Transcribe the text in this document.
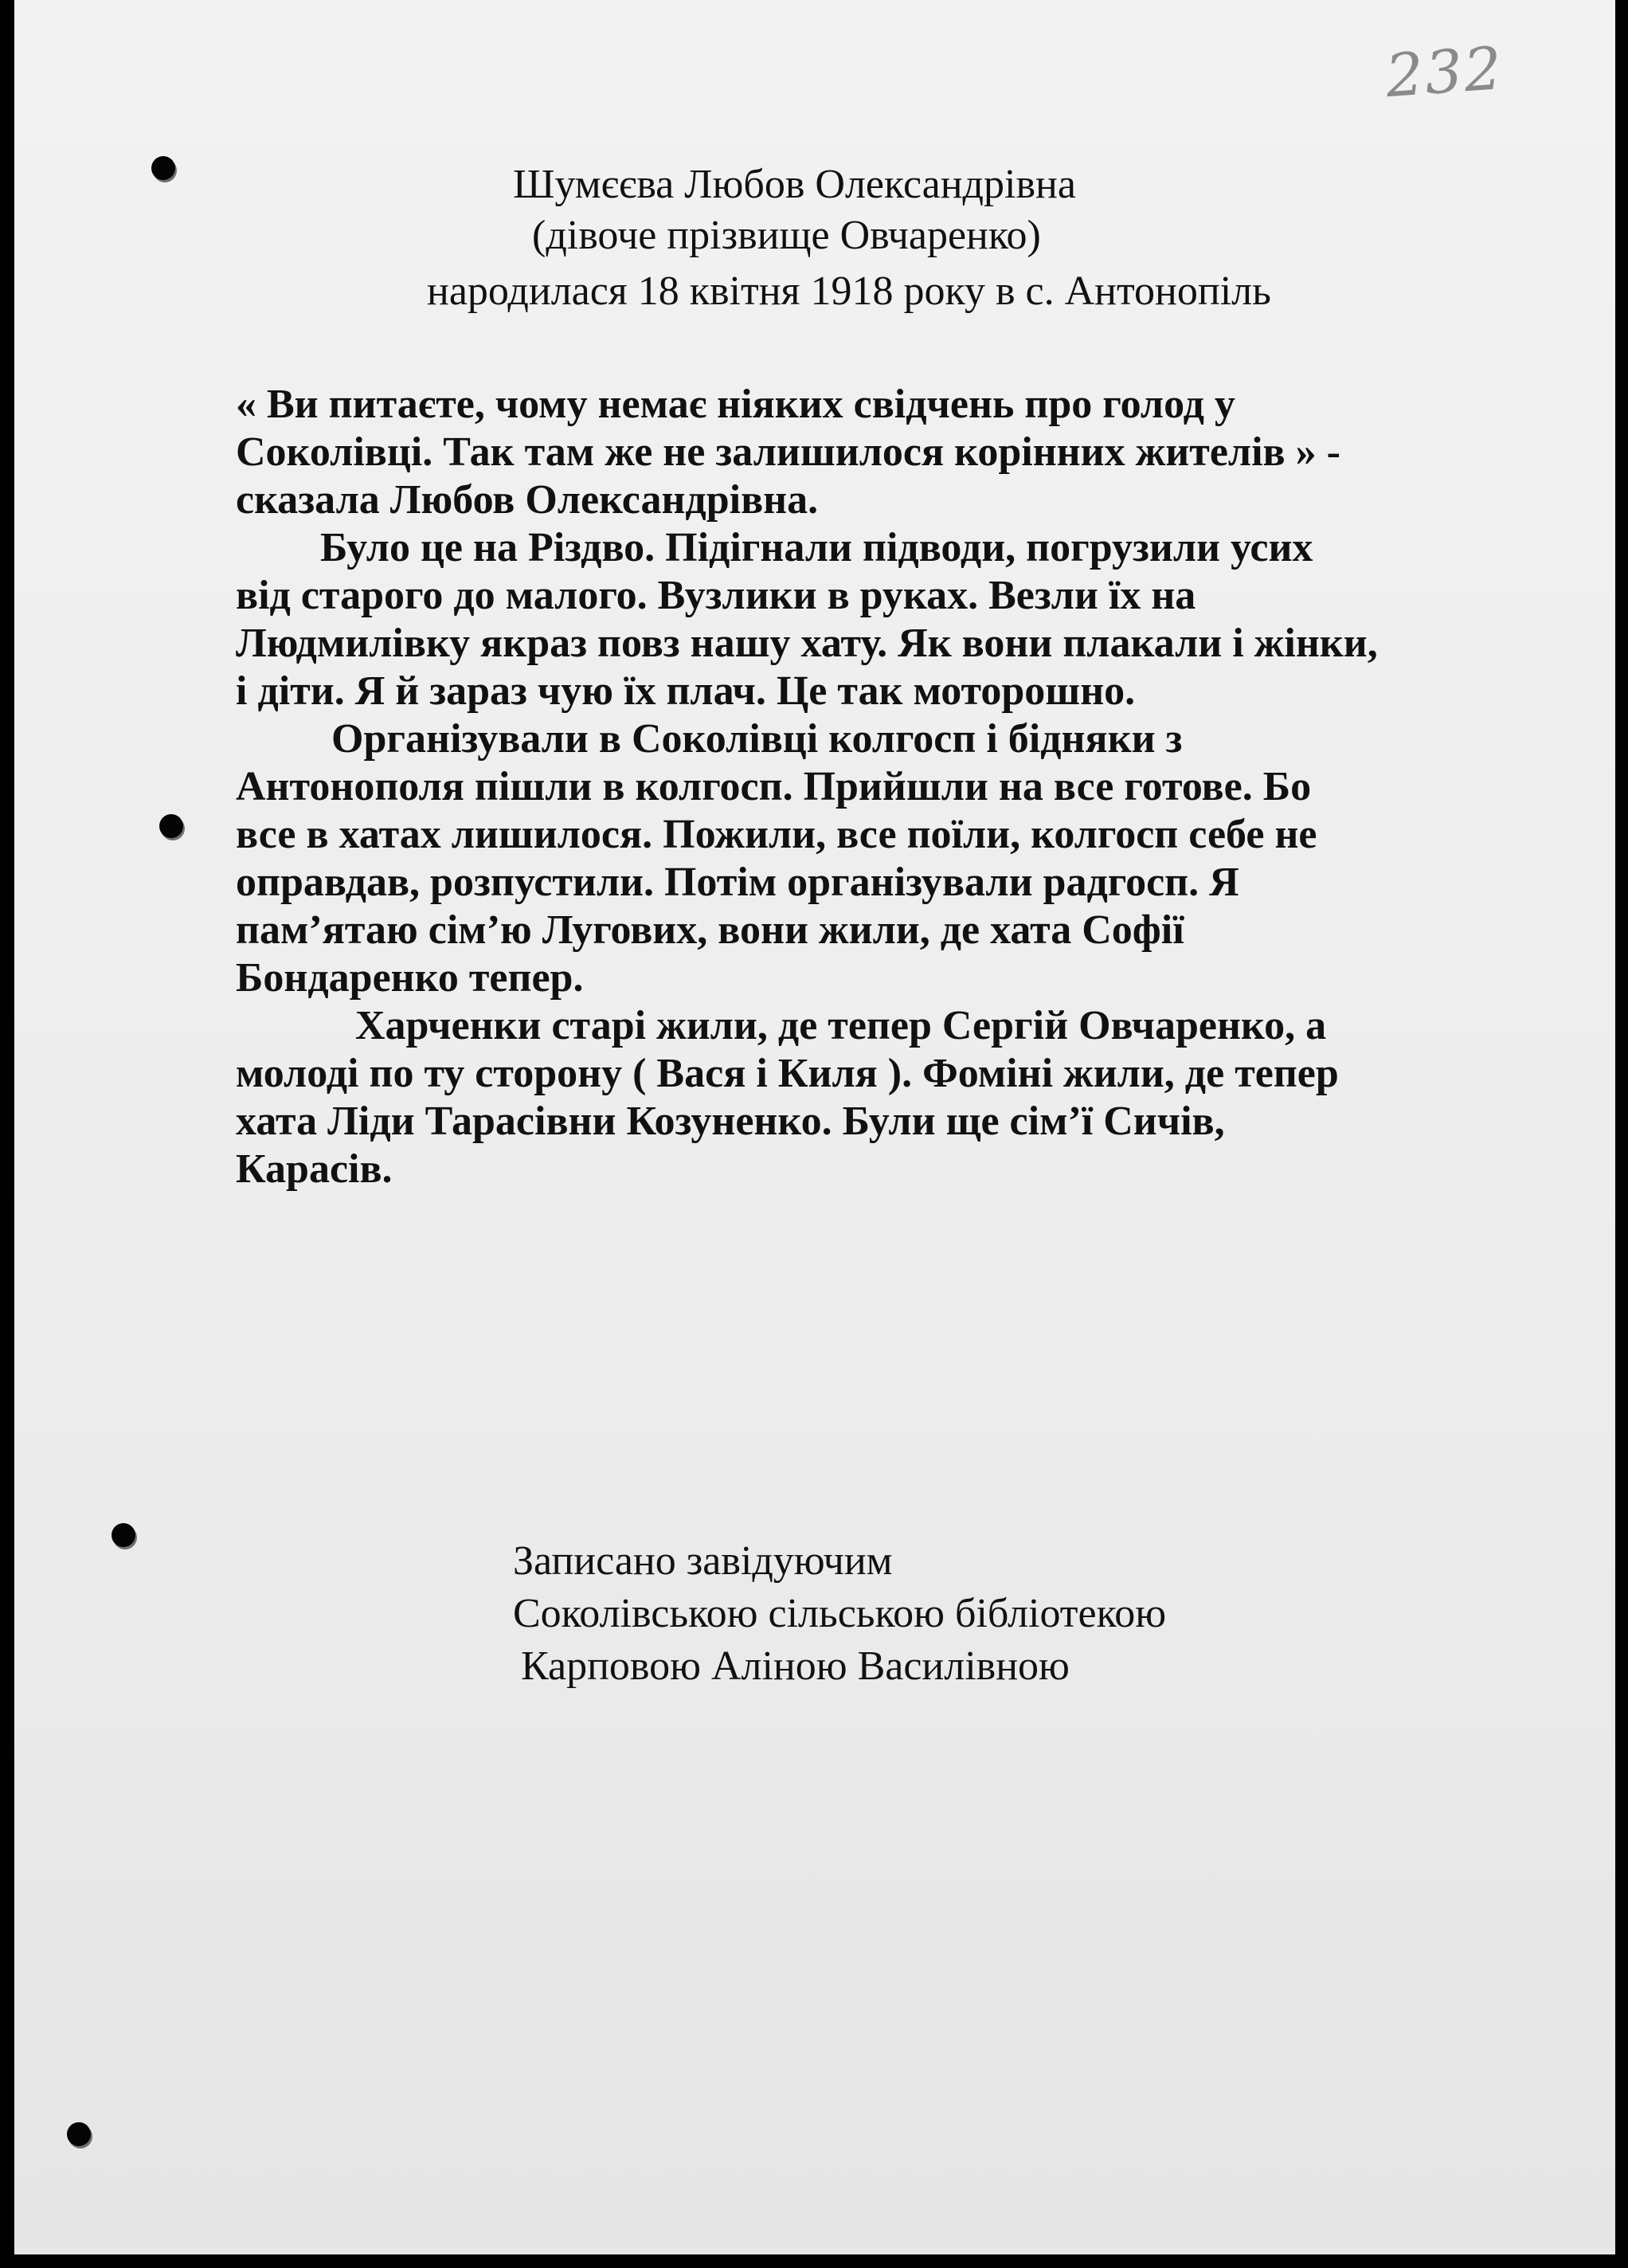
232
Шумєєва Любов Олександрівна
(дівоче прізвище Овчаренко)
народилася 18 квітня 1918 року в с. Антонопіль
« Ви питаєте, чому немає ніяких свідчень про голод у
Соколівці. Так там же не залишилося корінних жителів » -
сказала Любов Олександрівна.
Було це на Різдво. Підігнали підводи, погрузили усих
від старого до малого. Вузлики в руках. Везли їх на
Людмилівку якраз повз нашу хату. Як вони плакали і жінки,
і діти. Я й зараз чую їх плач. Це так моторошно.
Організували в Соколівці колгосп і бідняки з
Антонополя пішли в колгосп. Прийшли на все готове. Бо
все в хатах лишилося. Пожили, все поїли, колгосп себе не
оправдав, розпустили. Потім організували радгосп. Я
пам’ятаю сім’ю Лугових, вони жили, де хата Софії
Бондаренко тепер.
Харченки старі жили, де тепер Сергій Овчаренко, а
молоді по ту сторону ( Вася і Киля ). Фоміні жили, де тепер
хата Ліди Тарасівни Козуненко. Були ще сім’ї Сичів,
Карасів.
Записано завідуючим
Соколівською сільською бібліотекою
Карповою Аліною Василівною
